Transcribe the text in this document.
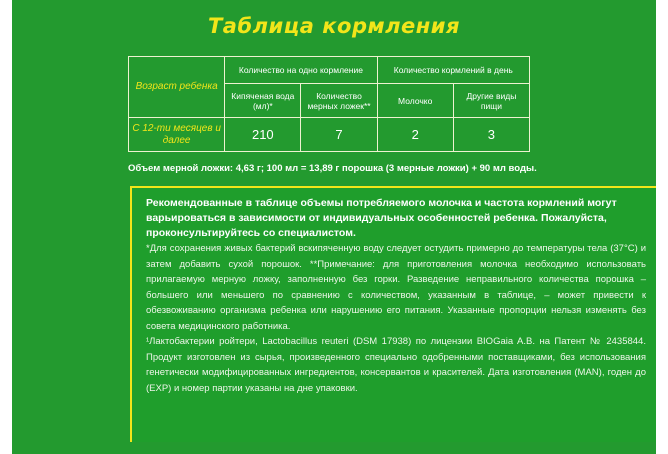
Таблица кормления
Возраст ребенка	Количество на одно кормление		Количество кормлений в день	
	Кипяченая вода (мл)*	Количество мерных ложек**	Молочко	Другие виды пищи
С 12-ти месяцев и далее	210	7	2	3
Объем мерной ложки: 4,63 г; 100 мл = 13,89 г порошка (3 мерные ложки) + 90 мл воды.

Рекомендованные в таблице объемы потребляемого молочка и частота кормлений могут варьироваться в зависимости от индивидуальных особенностей ребенка. Пожалуйста, проконсультируйтесь со специалистом.

*Для сохранения живых бактерий вскипяченную воду следует остудить примерно до температуры тела (37°C) и затем добавить сухой порошок. **Примечание: для приготовления молочка необходимо использовать прилагаемую мерную ложку, заполненную без горки. Разведение неправильного количества порошка – большего или меньшего по сравнению с количеством, указанным в таблице, – может привести к обезвоживанию организма ребенка или нарушению его питания. Указанные пропорции нельзя изменять без совета медицинского работника.

¹Лактобактерии ройтери, Lactobacillus reuteri (DSM 17938) по лицензии BIOGaia A.B. на Патент № 2435844. Продукт изготовлен из сырья, произведенного специально одобренными поставщиками, без использования генетически модифицированных ингредиентов, консервантов и красителей. Дата изготовления (MAN), годен до (EXP) и номер партии указаны на дне упаковки.
